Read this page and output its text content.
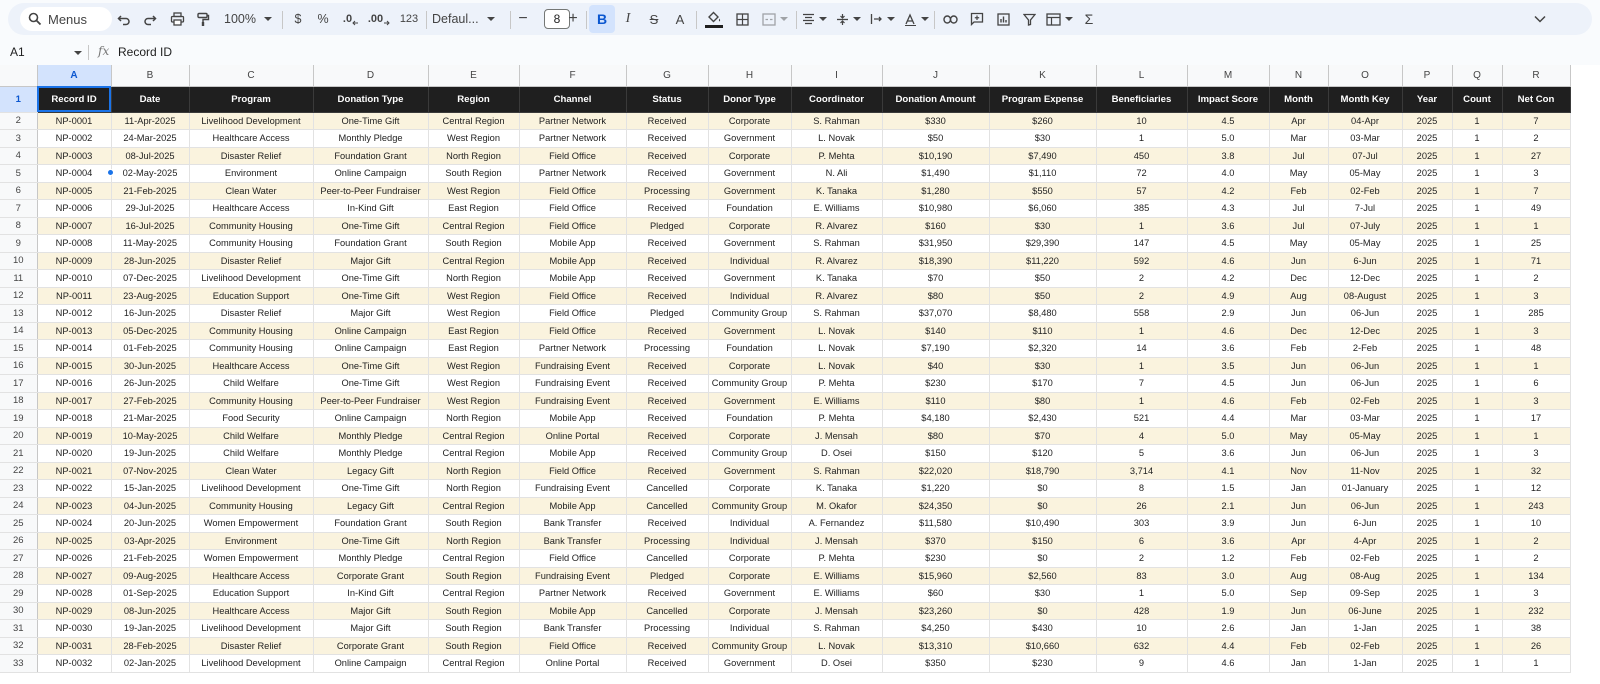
Menus	100%	$	%	.0 .00	123	Defaul... −	8 +	B	I	S	A	Σ
A1	fx Record ID
	A	B	C	D	E	F	G	H	I	J	K	L	M	N	O	P	Q	R
1	Record ID	Date	Program	Donation Type	Region	Channel	Status	Donor Type	Coordinator	Donation Amount	Program Expense	Beneficiaries	Impact Score	Month	Month Key	Year	Count	Net Con
2	NP-0001	11-Apr-2025	Livelihood Development	One-Time Gift	Central Region	Partner Network	Received	Corporate	S. Rahman	$330	$260	10	4.5	Apr	04-Apr	2025	1	7
3	NP-0002	24-Mar-2025	Healthcare Access	Monthly Pledge	West Region	Partner Network	Received	Government	L. Novak	$50	$30	1	5.0	Mar	03-Mar	2025	1	2
4	NP-0003	08-Jul-2025	Disaster Relief	Foundation Grant	North Region	Field Office	Received	Corporate	P. Mehta	$10,190	$7,490	450	3.8	Jul	07-Jul	2025	1	27
5	NP-0004	02-May-2025	Environment	Online Campaign	South Region	Partner Network	Received	Government	N. Ali	$1,490	$1,110	72	4.0	May	05-May	2025	1	3
6	NP-0005	21-Feb-2025	Clean Water	Peer-to-Peer Fundraiser	West Region	Field Office	Processing	Government	K. Tanaka	$1,280	$550	57	4.2	Feb	02-Feb	2025	1	7
7	NP-0006	29-Jul-2025	Healthcare Access	In-Kind Gift	East Region	Field Office	Received	Foundation	E. Williams	$10,980	$6,060	385	4.3	Jul	7-Jul	2025	1	49
8	NP-0007	16-Jul-2025	Community Housing	One-Time Gift	Central Region	Field Office	Pledged	Corporate	R. Alvarez	$160	$30	1	3.6	Jul	07-July	2025	1	1
9	NP-0008	11-May-2025	Community Housing	Foundation Grant	South Region	Mobile App	Received	Government	S. Rahman	$31,950	$29,390	147	4.5	May	05-May	2025	1	25
10	NP-0009	28-Jun-2025	Disaster Relief	Major Gift	Central Region	Mobile App	Received	Individual	R. Alvarez	$18,390	$11,220	592	4.6	Jun	6-Jun	2025	1	71
11	NP-0010	07-Dec-2025	Livelihood Development	One-Time Gift	North Region	Mobile App	Received	Government	K. Tanaka	$70	$50	2	4.2	Dec	12-Dec	2025	1	2
12	NP-0011	23-Aug-2025	Education Support	One-Time Gift	West Region	Field Office	Received	Individual	R. Alvarez	$80	$50	2	4.9	Aug	08-August	2025	1	3
13	NP-0012	16-Jun-2025	Disaster Relief	Major Gift	West Region	Field Office	Pledged	Community Group	S. Rahman	$37,070	$8,480	558	2.9	Jun	06-Jun	2025	1	285
14	NP-0013	05-Dec-2025	Community Housing	Online Campaign	East Region	Field Office	Received	Government	L. Novak	$140	$110	1	4.6	Dec	12-Dec	2025	1	3
15	NP-0014	01-Feb-2025	Community Housing	Online Campaign	East Region	Partner Network	Processing	Foundation	L. Novak	$7,190	$2,320	14	3.6	Feb	2-Feb	2025	1	48
16	NP-0015	30-Jun-2025	Healthcare Access	One-Time Gift	West Region	Fundraising Event	Received	Corporate	L. Novak	$40	$30	1	3.5	Jun	06-Jun	2025	1	1
17	NP-0016	26-Jun-2025	Child Welfare	One-Time Gift	West Region	Fundraising Event	Received	Community Group	P. Mehta	$230	$170	7	4.5	Jun	06-Jun	2025	1	6
18	NP-0017	27-Feb-2025	Community Housing	Peer-to-Peer Fundraiser	West Region	Fundraising Event	Received	Government	E. Williams	$110	$80	1	4.6	Feb	02-Feb	2025	1	3
19	NP-0018	21-Mar-2025	Food Security	Online Campaign	North Region	Mobile App	Received	Foundation	P. Mehta	$4,180	$2,430	521	4.4	Mar	03-Mar	2025	1	17
20	NP-0019	10-May-2025	Child Welfare	Monthly Pledge	Central Region	Online Portal	Received	Corporate	J. Mensah	$80	$70	4	5.0	May	05-May	2025	1	1
21	NP-0020	19-Jun-2025	Child Welfare	Monthly Pledge	Central Region	Mobile App	Received	Community Group	D. Osei	$150	$120	5	3.6	Jun	06-Jun	2025	1	3
22	NP-0021	07-Nov-2025	Clean Water	Legacy Gift	North Region	Field Office	Received	Government	S. Rahman	$22,020	$18,790	3,714	4.1	Nov	11-Nov	2025	1	32
23	NP-0022	15-Jan-2025	Livelihood Development	One-Time Gift	North Region	Fundraising Event	Cancelled	Corporate	K. Tanaka	$1,220	$0	8	1.5	Jan	01-January	2025	1	12
24	NP-0023	04-Jun-2025	Community Housing	Legacy Gift	Central Region	Mobile App	Cancelled	Community Group	M. Okafor	$24,350	$0	26	2.1	Jun	06-Jun	2025	1	243
25	NP-0024	20-Jun-2025	Women Empowerment	Foundation Grant	South Region	Bank Transfer	Received	Individual	A. Fernandez	$11,580	$10,490	303	3.9	Jun	6-Jun	2025	1	10
26	NP-0025	03-Apr-2025	Environment	One-Time Gift	North Region	Bank Transfer	Processing	Individual	J. Mensah	$370	$150	6	3.6	Apr	4-Apr	2025	1	2
27	NP-0026	21-Feb-2025	Women Empowerment	Monthly Pledge	Central Region	Field Office	Cancelled	Corporate	P. Mehta	$230	$0	2	1.2	Feb	02-Feb	2025	1	2
28	NP-0027	09-Aug-2025	Healthcare Access	Corporate Grant	South Region	Fundraising Event	Pledged	Corporate	E. Williams	$15,960	$2,560	83	3.0	Aug	08-Aug	2025	1	134
29	NP-0028	01-Sep-2025	Education Support	In-Kind Gift	Central Region	Partner Network	Received	Government	E. Williams	$60	$30	1	5.0	Sep	09-Sep	2025	1	3
30	NP-0029	08-Jun-2025	Healthcare Access	Major Gift	South Region	Mobile App	Cancelled	Corporate	J. Mensah	$23,260	$0	428	1.9	Jun	06-June	2025	1	232
31	NP-0030	19-Jan-2025	Livelihood Development	Major Gift	South Region	Bank Transfer	Processing	Individual	S. Rahman	$4,250	$430	10	2.6	Jan	1-Jan	2025	1	38
32	NP-0031	28-Feb-2025	Disaster Relief	Corporate Grant	South Region	Field Office	Received	Community Group	L. Novak	$13,310	$10,660	632	4.4	Feb	02-Feb	2025	1	26
33	NP-0032	02-Jan-2025	Livelihood Development	Online Campaign	Central Region	Online Portal	Received	Government	D. Osei	$350	$230	9	4.6	Jan	1-Jan	2025	1	1
